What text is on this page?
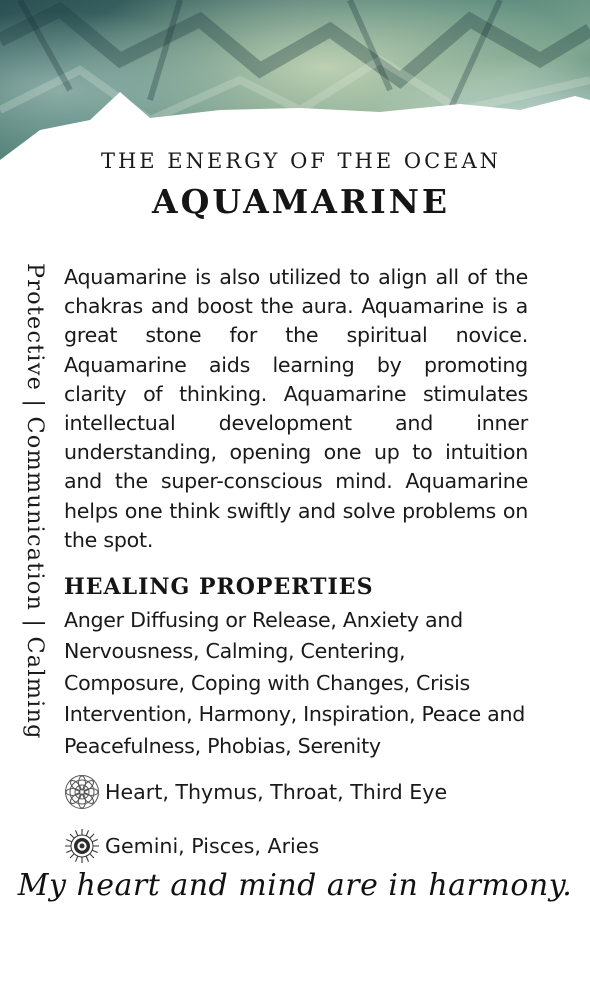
THE ENERGY OF THE OCEAN
AQUAMARINE
Protective | Communication | Calming Aquamarine is also utilized to align all of the chakras and boost the aura. Aquamarine is a great stone for the spiritual novice. Aquamarine aids learning by promoting clarity of thinking. Aquamarine stimulates intellectual development and inner understanding, opening one up to intuition and the super-conscious mind. Aquamarine helps one think swiftly and solve problems on the spot.

HEALING PROPERTIES

Anger Diffusing or Release, Anxiety and Nervousness, Calming, Centering, Composure, Coping with Changes, Crisis Intervention, Harmony, Inspiration, Peace and Peacefulness, Phobias, Serenity

Heart, Thymus, Throat, Third Eye
Gemini, Pisces, Aries
My heart and mind are in harmony.
